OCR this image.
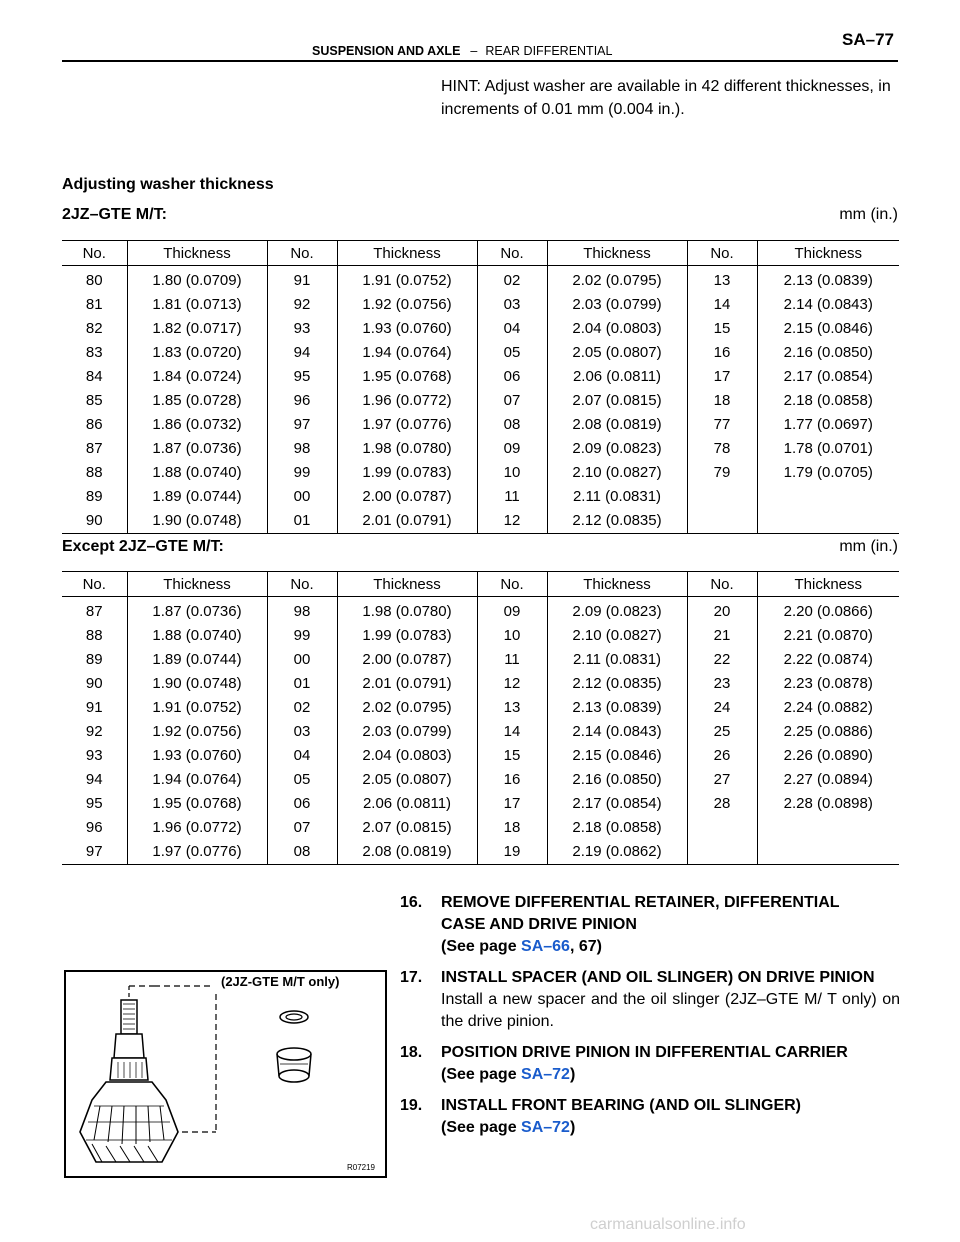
SUSPENSION AND AXLE – REAR DIFFERENTIAL
SA–77
HINT: Adjust washer are available in 42 different thicknesses, in increments of 0.01 mm (0.004 in.).
Adjusting washer thickness
2JZ–GTE M/T:	mm (in.)
No.	Thickness	No.	Thickness	No.	Thickness	No.	Thickness
80	1.80 (0.0709)	91	1.91 (0.0752)	02	2.02 (0.0795)	13	2.13 (0.0839)
81	1.81 (0.0713)	92	1.92 (0.0756)	03	2.03 (0.0799)	14	2.14 (0.0843)
82	1.82 (0.0717)	93	1.93 (0.0760)	04	2.04 (0.0803)	15	2.15 (0.0846)
83	1.83 (0.0720)	94	1.94 (0.0764)	05	2.05 (0.0807)	16	2.16 (0.0850)
84	1.84 (0.0724)	95	1.95 (0.0768)	06	2.06 (0.0811)	17	2.17 (0.0854)
85	1.85 (0.0728)	96	1.96 (0.0772)	07	2.07 (0.0815)	18	2.18 (0.0858)
86	1.86 (0.0732)	97	1.97 (0.0776)	08	2.08 (0.0819)	77	1.77 (0.0697)
87	1.87 (0.0736)	98	1.98 (0.0780)	09	2.09 (0.0823)	78	1.78 (0.0701)
88	1.88 (0.0740)	99	1.99 (0.0783)	10	2.10 (0.0827)	79	1.79 (0.0705)
89	1.89 (0.0744)	00	2.00 (0.0787)	11	2.11 (0.0831)		
90	1.90 (0.0748)	01	2.01 (0.0791)	12	2.12 (0.0835)		
Except 2JZ–GTE M/T:	mm (in.)
No.	Thickness	No.	Thickness	No.	Thickness	No.	Thickness
87	1.87 (0.0736)	98	1.98 (0.0780)	09	2.09 (0.0823)	20	2.20 (0.0866)
88	1.88 (0.0740)	99	1.99 (0.0783)	10	2.10 (0.0827)	21	2.21 (0.0870)
89	1.89 (0.0744)	00	2.00 (0.0787)	11	2.11 (0.0831)	22	2.22 (0.0874)
90	1.90 (0.0748)	01	2.01 (0.0791)	12	2.12 (0.0835)	23	2.23 (0.0878)
91	1.91 (0.0752)	02	2.02 (0.0795)	13	2.13 (0.0839)	24	2.24 (0.0882)
92	1.92 (0.0756)	03	2.03 (0.0799)	14	2.14 (0.0843)	25	2.25 (0.0886)
93	1.93 (0.0760)	04	2.04 (0.0803)	15	2.15 (0.0846)	26	2.26 (0.0890)
94	1.94 (0.0764)	05	2.05 (0.0807)	16	2.16 (0.0850)	27	2.27 (0.0894)
95	1.95 (0.0768)	06	2.06 (0.0811)	17	2.17 (0.0854)	28	2.28 (0.0898)
96	1.96 (0.0772)	07	2.07 (0.0815)	18	2.18 (0.0858)		
97	1.97 (0.0776)	08	2.08 (0.0819)	19	2.19 (0.0862)		
16. REMOVE DIFFERENTIAL RETAINER, DIFFERENTIAL
CASE AND DRIVE PINION
(See page SA–66, 67)
17. INSTALL SPACER (AND OIL SLINGER) ON DRIVE PINION
Install a new spacer and the oil slinger (2JZ–GTE M/ T only) on the drive pinion.
18. POSITION DRIVE PINION IN DIFFERENTIAL CARRIER
(See page SA–72)
19. INSTALL FRONT BEARING (AND OIL SLINGER)
(See page SA–72)
(2JZ-GTE M/T only)
R07219
carmanualsonline.info
